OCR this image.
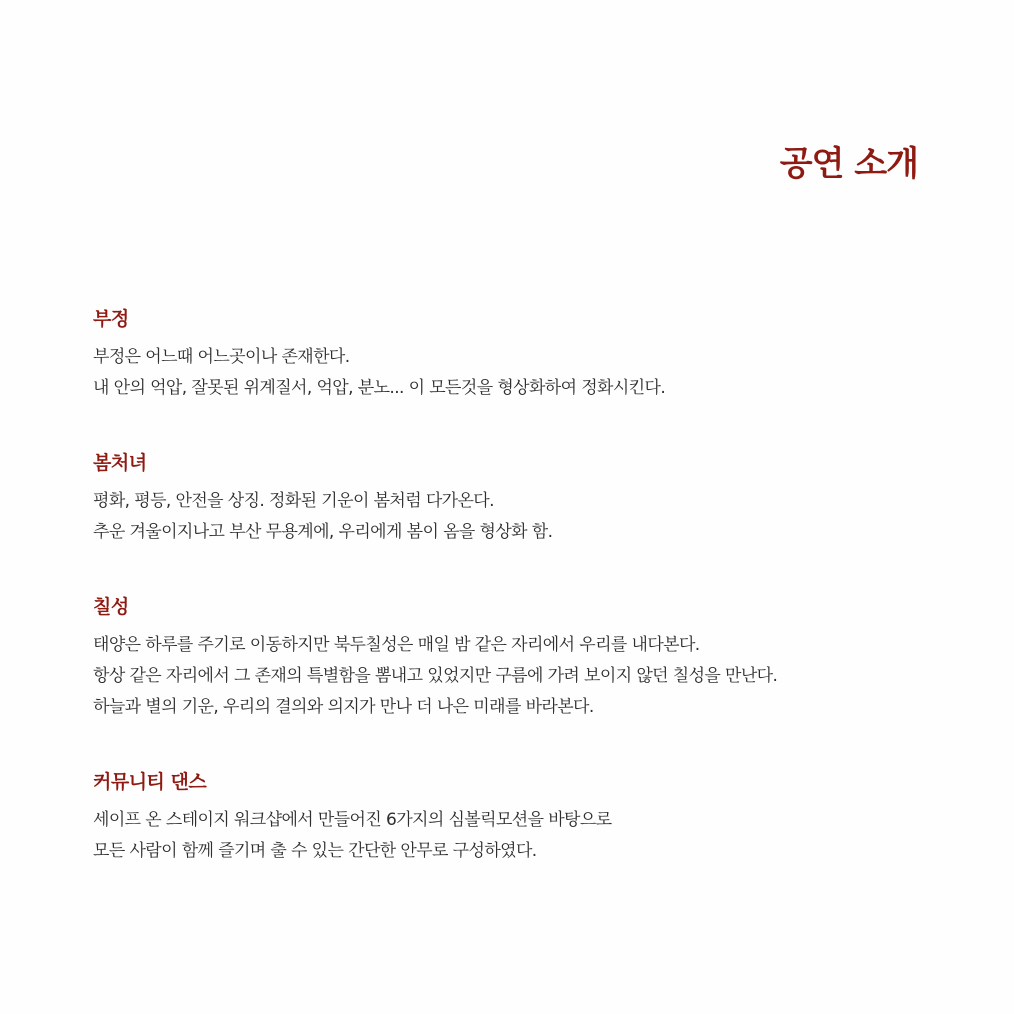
공연 소개
부정

부정은 어느때 어느곳이나 존재한다.

내 안의 억압, 잘못된 위계질서, 억압, 분노... 이 모든것을 형상화하여 정화시킨다.

봄처녀

평화, 평등, 안전을 상징. 정화된 기운이 봄처럼 다가온다.

추운 겨울이지나고 부산 무용계에, 우리에게 봄이 옴을 형상화 함.

칠성

태양은 하루를 주기로 이동하지만 북두칠성은 매일 밤 같은 자리에서 우리를 내다본다.

항상 같은 자리에서 그 존재의 특별함을 뽐내고 있었지만 구름에 가려 보이지 않던 칠성을 만난다.

하늘과 별의 기운, 우리의 결의와 의지가 만나 더 나은 미래를 바라본다.

커뮤니티 댄스

세이프 온 스테이지 워크샵에서 만들어진 6가지의 심볼릭모션을 바탕으로

모든 사람이 함께 즐기며 출 수 있는 간단한 안무로 구성하였다.
